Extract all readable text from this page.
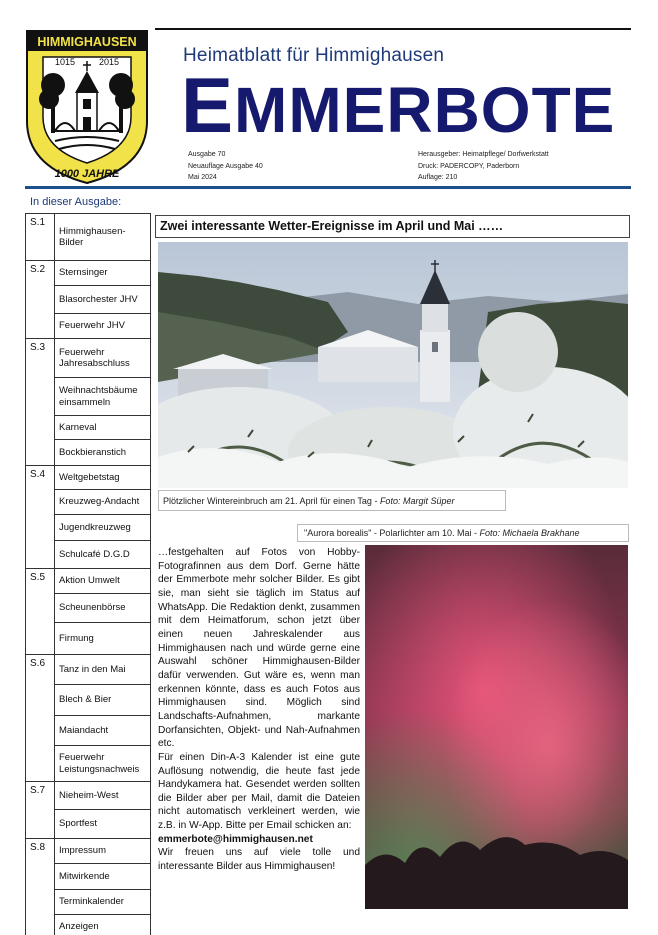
HIMMIGHAUSEN
1015	2015
1000 JAHRE
Heimatblatt für Himmighausen
EMMERBOTE
Ausgabe 70
Neuauflage Ausgabe 40
Mai 2024
Herausgeber: Heimatpflege/ Dorfwerkstatt
Druck: PADERCOPY, Paderborn
Auflage: 210
In dieser Ausgabe:
S.1
Himmighausen-Bilder
S.2	Sternsinger
Blasorchester JHV
Feuerwehr JHV
S.3	Feuerwehr Jahresabschluss
Weihnachtsbäume einsammeln
Karneval
Bockbieranstich
S.4	Weltgebetstag
Kreuzweg-Andacht
Jugendkreuzweg
Schulcafé D.G.D
S.5	Aktion Umwelt
Scheunenbörse
Firmung
S.6
Tanz in den Mai
Blech & Bier
Maiandacht
Feuerwehr Leistungsnachweis
S.7	Nieheim-West
Sportfest
S.8	Impressum
Mitwirkende
Terminkalender
Anzeigen
Zwei interessante Wetter-Ereignisse im April und Mai ……
Plötzlicher Wintereinbruch am 21. April für einen Tag - Foto: Margit Süper
"Aurora borealis" - Polarlichter am 10. Mai - Foto: Michaela Brakhane

…festgehalten auf Fotos von Hobby-Fotografinnen aus dem Dorf. Gerne hätte der Emmerbote mehr solcher Bilder. Es gibt sie, man sieht sie täglich im Status auf WhatsApp. Die Redaktion denkt, zusammen mit dem Heimatforum, schon jetzt über einen neuen Jahreskalender aus Himmighausen nach und würde gerne eine Auswahl schöner Himmighausen-Bilder dafür verwenden. Gut wäre es, wenn man erkennen könnte, dass es auch Fotos aus Himmighausen sind. Möglich sind Landschafts-Aufnahmen, markante Dorfansichten, Objekt- und Nah-Aufnahmen etc.

Für einen Din-A-3 Kalender ist eine gute Auflösung notwendig, die heute fast jede Handykamera hat. Gesendet werden sollten die Bilder aber per Mail, damit die Dateien nicht automatisch verkleinert werden, wie z.B. in W-App. Bitte per Email schicken an:

emmerbote@himmighausen.net

Wir freuen uns auf viele tolle und interessante Bilder aus Himmighausen!
